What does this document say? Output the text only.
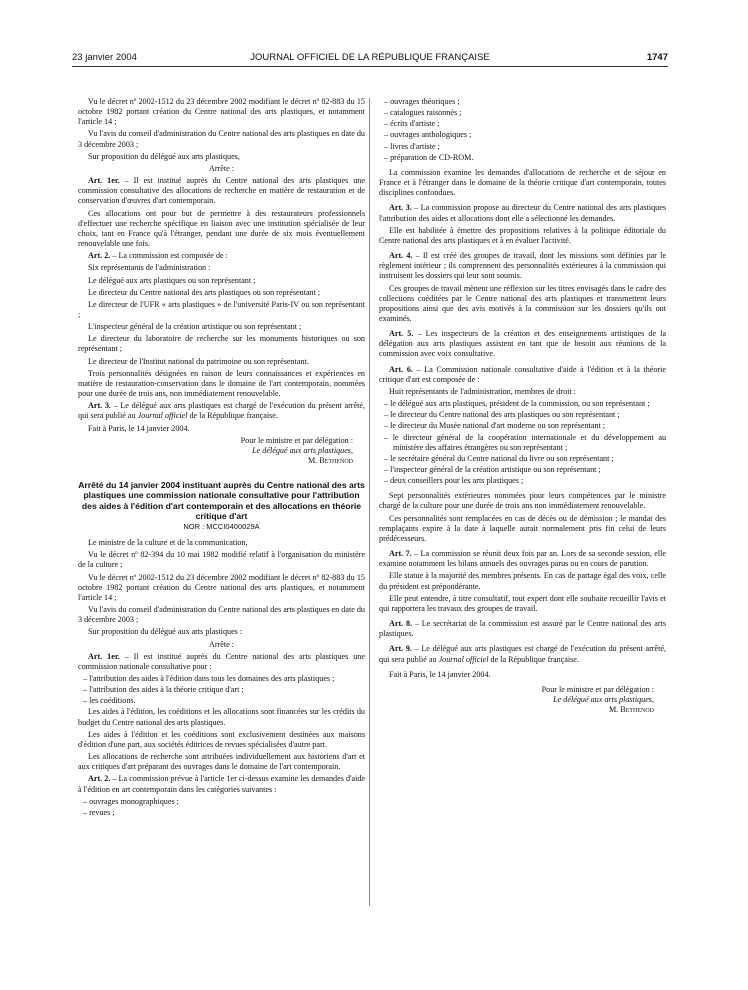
23 janvier 2004	JOURNAL OFFICIEL DE LA RÉPUBLIQUE FRANÇAISE	1747

Vu le décret nº 2002-1512 du 23 décembre 2002 modifiant le décret nº 82-883 du 15 octobre 1982 portant création du Centre national des arts plastiques, et notamment l'article 14 ;

Vu l'avis du conseil d'administration du Centre national des arts plastiques en date du 3 décembre 2003 ;

Sur proposition du délégué aux arts plastiques,

Arrête :

Art. 1er. – Il est institué auprès du Centre national des arts plastiques une commission consultative des allocations de recherche en matière de restauration et de conservation d'œuvres d'art contemporain.

Ces allocations ont pour but de permettre à des restaurateurs professionnels d'effectuer une recherche spécifique en liaison avec une institution spécialisée de leur choix, tant en France qu'à l'étranger, pendant une durée de six mois éventuellement renouvelable une fois.

Art. 2. – La commission est composée de :

Six représentants de l'administration :

Le délégué aux arts plastiques ou son représentant ;

Le directeur du Centre national des arts plastiques ou son représentant ;

Le directeur de l'UFR « arts plastiques » de l'université Paris-IV ou son représentant ;

L'inspecteur général de la création artistique ou son représentant ;

Le directeur du laboratoire de recherche sur les monuments historiques ou son représentant ;

Le directeur de l'Institut national du patrimoine ou son représentant.

Trois personnalités désignées en raison de leurs connaissances et expériences en matière de restauration-conservation dans le domaine de l'art contemporain, nommées pour une durée de trois ans, non immédiatement renouvelable.

Art. 3. – Le délégué aux arts plastiques est chargé de l'exécution du présent arrêté, qui sera publié au Journal officiel de la République française.

Fait à Paris, le 14 janvier 2004.

Pour le ministre et par délégation :

Le délégué aux arts plastiques,

M. Bethenod

Arrêté du 14 janvier 2004 instituant auprès du Centre national des arts plastiques une commission nationale consultative pour l'attribution des aides à l'édition d'art contemporain et des allocations en théorie critique d'art
NOR : MCCI0400029A

Le ministre de la culture et de la communication,

Vu le décret nº 82-394 du 10 mai 1982 modifié relatif à l'organisation du ministère de la culture ;

Vu le décret nº 2002-1512 du 23 décembre 2002 modifiant le décret nº 82-883 du 15 octobre 1982 portant création du Centre national des arts plastiques, et notamment l'article 14 ;

Vu l'avis du conseil d'administration du Centre national des arts plastiques en date du 3 décembre 2003 ;

Sur proposition du délégué aux arts plastiques :

Arrête :

Art. 1er. – Il est institué auprès du Centre national des arts plastiques une commission nationale consultative pour :

– l'attribution des aides à l'édition dans tous les domaines des arts plastiques ;

– l'attribution des aides à la théorie critique d'art ;

– les coéditions.

Les aides à l'édition, les coéditions et les allocations sont financées sur les crédits du budget du Centre national des arts plastiques.

Les aides à l'édition et les coéditions sont exclusivement destinées aux maisons d'édition d'une part, aux sociétés éditrices de revues spécialisées d'autre part.

Les allocations de recherche sont attribuées individuellement aux historiens d'art et aux critiques d'art préparant des ouvrages dans le domaine de l'art contemporain.

Art. 2. – La commission prévue à l'article 1er ci-dessus examine les demandes d'aide à l'édition en art contemporain dans les catégories suivantes :

– ouvrages monographiques ;

– revues ;

– ouvrages théoriques ;

– catalogues raisonnés ;

– écrits d'artiste ;

– ouvrages anthologiques ;

– livres d'artiste ;

– préparation de CD-ROM.

La commission examine les demandes d'allocations de recherche et de séjour en France et à l'étranger dans le domaine de la théorie critique d'art contemporain, toutes disciplines confondues.

Art. 3. – La commission propose au directeur du Centre national des arts plastiques l'attribution des aides et allocations dont elle a sélectionné les demandes.

Elle est habilitée à émettre des propositions relatives à la politique éditoriale du Centre national des arts plastiques et à en évaluer l'activité.

Art. 4. – Il est créé des groupes de travail, dont les missions sont définies par le règlement intérieur ; ils comprennent des personnalités extérieures à la commission qui instruisent les dossiers qui leur sont soumis.

Ces groupes de travail mènent une réflexion sur les titres envisagés dans le cadre des collections coéditées par le Centre national des arts plastiques et transmettent leurs propositions ainsi que des avis motivés à la commission sur les dossiers qu'ils ont examinés.

Art. 5. – Les inspecteurs de la création et des enseignements artistiques de la délégation aux arts plastiques assistent en tant que de besoin aux réunions de la commission avec voix consultative.

Art. 6. – La Commission nationale consultative d'aide à l'édition et à la théorie critique d'art est composée de :

Huit représentants de l'administration, membres de droit :

– le délégué aux arts plastiques, président de la commission, ou son représentant ;

– le directeur du Centre national des arts plastiques ou son représentant ;

– le directeur du Musée national d'art moderne ou son représentant ;

– le directeur général de la coopération internationale et du développement au ministère des affaires étrangères ou son représentant ;

– le secrétaire général du Centre national du livre ou son représentant ;

– l'inspecteur général de la création artistique ou son représentant ;

– deux conseillers pour les arts plastiques ;

Sept personnalités extérieures nommées pour leurs compétences par le ministre chargé de la culture pour une durée de trois ans non immédiatement renouvelable.

Ces personnalités sont remplacées en cas de décès ou de démission ; le mandat des remplaçants expire à la date à laquelle aurait normalement pris fin celui de leurs prédécesseurs.

Art. 7. – La commission se réunit deux fois par an. Lors de sa seconde session, elle examine notamment les bilans annuels des ouvrages parus ou en cours de parution.

Elle statue à la majorité des membres présents. En cas de partage égal des voix, celle du président est prépondérante.

Elle peut entendre, à titre consultatif, tout expert dont elle souhaite recueillir l'avis et qui rapportera les travaux des groupes de travail.

Art. 8. – Le secrétariat de la commission est assuré par le Centre national des arts plastiques.

Art. 9. – Le délégué aux arts plastiques est chargé de l'exécution du présent arrêté, qui sera publié au Journal officiel de la République française.

Fait à Paris, le 14 janvier 2004.

Pour le ministre et par délégation :

Le délégué aux arts plastiques,

M. Bethenod
